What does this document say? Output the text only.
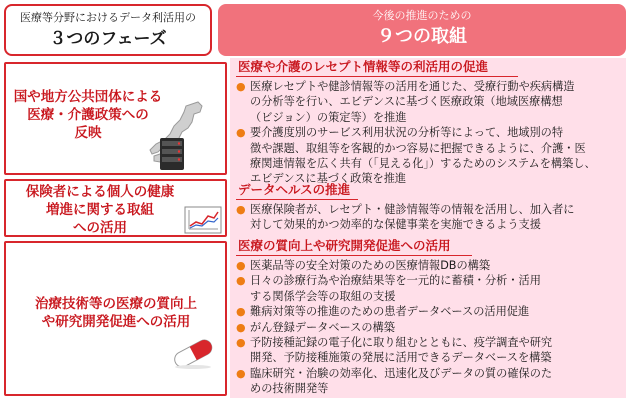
医療等分野におけるデータ利活用の
３つのフェーズ
今後の推進のための
９つの取組
国や地方公共団体による
医療・介護政策への
反映
保険者による個人の健康
増進に関する取組
への活用
治療技術等の医療の質向上
や研究開発促進への活用
医療や介護のレセプト情報等の利活用の促進
● 医療レセプトや健診情報等の活用を通じた、受療行動や疾病構造
の分析等を行い、エビデンスに基づく医療政策（地域医療構想
（ビジョン）の策定等）を推進
● 要介護度別のサービス利用状況の分析等によって、地域別の特
徴や課題、取組等を客観的かつ容易に把握できるように、介護・医
療関連情報を広く共有（「見える化」）するためのシステムを構築し、
エビデンスに基づく政策を推進
データヘルスの推進
● 医療保険者が、レセプト・健診情報等の情報を活用し、加入者に
対して効果的かつ効率的な保健事業を実施できるよう支援
医療の質向上や研究開発促進への活用
● 医薬品等の安全対策のための医療情報DBの構築
● 日々の診療行為や治療結果等を一元的に蓄積・分析・活用
する関係学会等の取組の支援
● 難病対策等の推進のための患者データベースの活用促進
● がん登録データベースの構築
● 予防接種記録の電子化に取り組むとともに、疫学調査や研究
開発、予防接種施策の発展に活用できるデータベースを構築
● 臨床研究・治験の効率化、迅速化及びデータの質の確保のた
めの技術開発等
